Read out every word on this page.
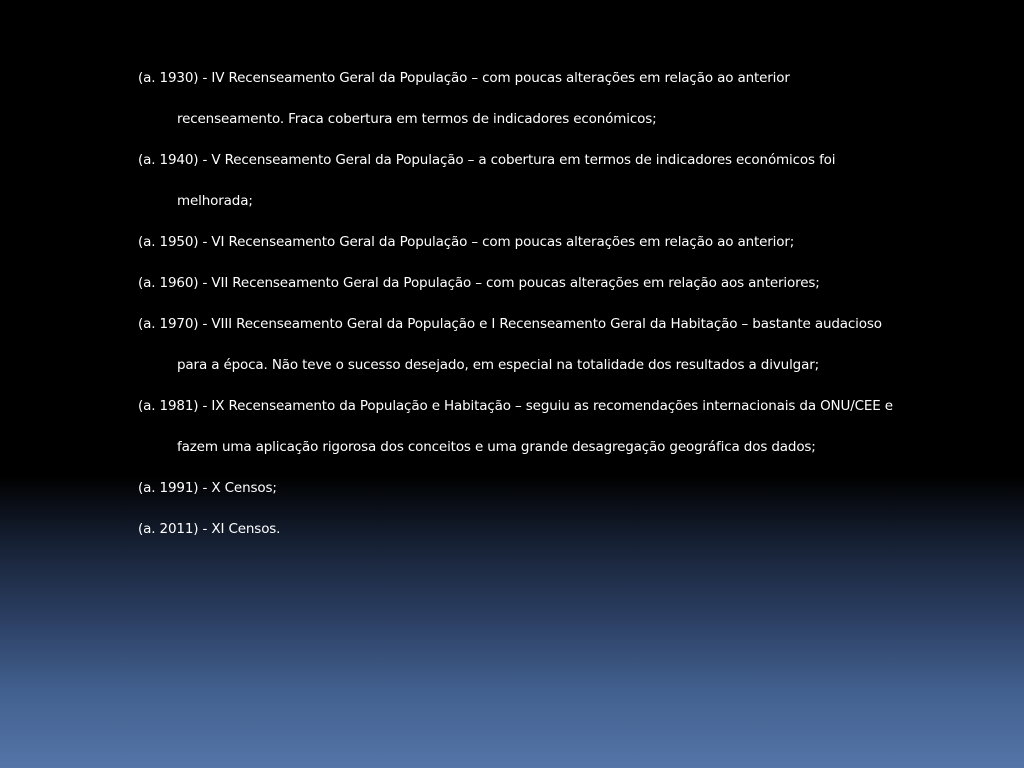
(a. 1930) - IV Recenseamento Geral da População – com poucas alterações em relação ao anterior recenseamento. Fraca cobertura em termos de indicadores económicos;

(a. 1940) - V Recenseamento Geral da População – a cobertura em termos de indicadores económicos foi melhorada;

(a. 1950) - VI Recenseamento Geral da População – com poucas alterações em relação ao anterior;

(a. 1960) - VII Recenseamento Geral da População – com poucas alterações em relação aos anteriores;

(a. 1970) - VIII Recenseamento Geral da População e I Recenseamento Geral da Habitação – bastante audacioso para a época. Não teve o sucesso desejado, em especial na totalidade dos resultados a divulgar;

(a. 1981) - IX Recenseamento da População e Habitação – seguiu as recomendações internacionais da ONU/CEE e fazem uma aplicação rigorosa dos conceitos e uma grande desagregação geográfica dos dados;

(a. 1991) - X Censos;

(a. 2011) - XI Censos.
